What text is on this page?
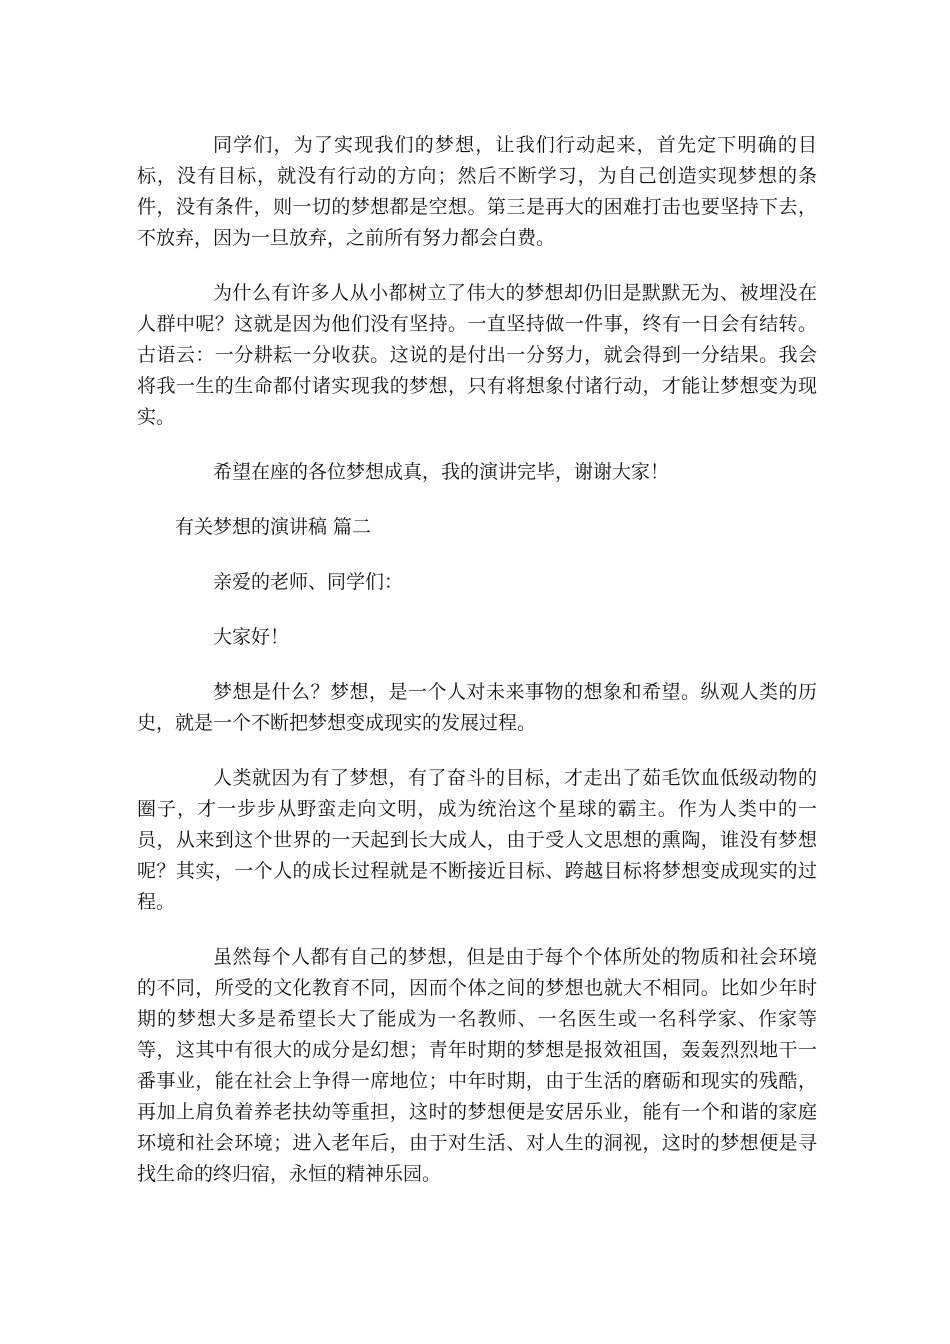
同学们，为了实现我们的梦想，让我们行动起来，首先定下明确的目标，没有目标，就没有行动的方向；然后不断学习，为自己创造实现梦想的条件，没有条件，则一切的梦想都是空想。第三是再大的困难打击也要坚持下去，不放弃，因为一旦放弃，之前所有努力都会白费。

为什么有许多人从小都树立了伟大的梦想却仍旧是默默无为、被埋没在人群中呢？这就是因为他们没有坚持。一直坚持做一件事，终有一日会有结转。古语云：一分耕耘一分收获。这说的是付出一分努力，就会得到一分结果。我会将我一生的生命都付诸实现我的梦想，只有将想象付诸行动，才能让梦想变为现实。

希望在座的各位梦想成真，我的演讲完毕，谢谢大家！

有关梦想的演讲稿 篇二

亲爱的老师、同学们：

大家好！

梦想是什么？梦想，是一个人对未来事物的想象和希望。纵观人类的历史，就是一个不断把梦想变成现实的发展过程。

人类就因为有了梦想，有了奋斗的目标，才走出了茹毛饮血低级动物的圈子，才一步步从野蛮走向文明，成为统治这个星球的霸主。作为人类中的一员，从来到这个世界的一天起到长大成人，由于受人文思想的熏陶，谁没有梦想呢？其实，一个人的成长过程就是不断接近目标、跨越目标将梦想变成现实的过程。

虽然每个人都有自己的梦想，但是由于每个个体所处的物质和社会环境的不同，所受的文化教育不同，因而个体之间的梦想也就大不相同。比如少年时期的梦想大多是希望长大了能成为一名教师、一名医生或一名科学家、作家等等，这其中有很大的成分是幻想；青年时期的梦想是报效祖国，轰轰烈烈地干一番事业，能在社会上争得一席地位；中年时期，由于生活的磨砺和现实的残酷，再加上肩负着养老扶幼等重担，这时的梦想便是安居乐业，能有一个和谐的家庭环境和社会环境；进入老年后，由于对生活、对人生的洞视，这时的梦想便是寻找生命的终归宿，永恒的精神乐园。
